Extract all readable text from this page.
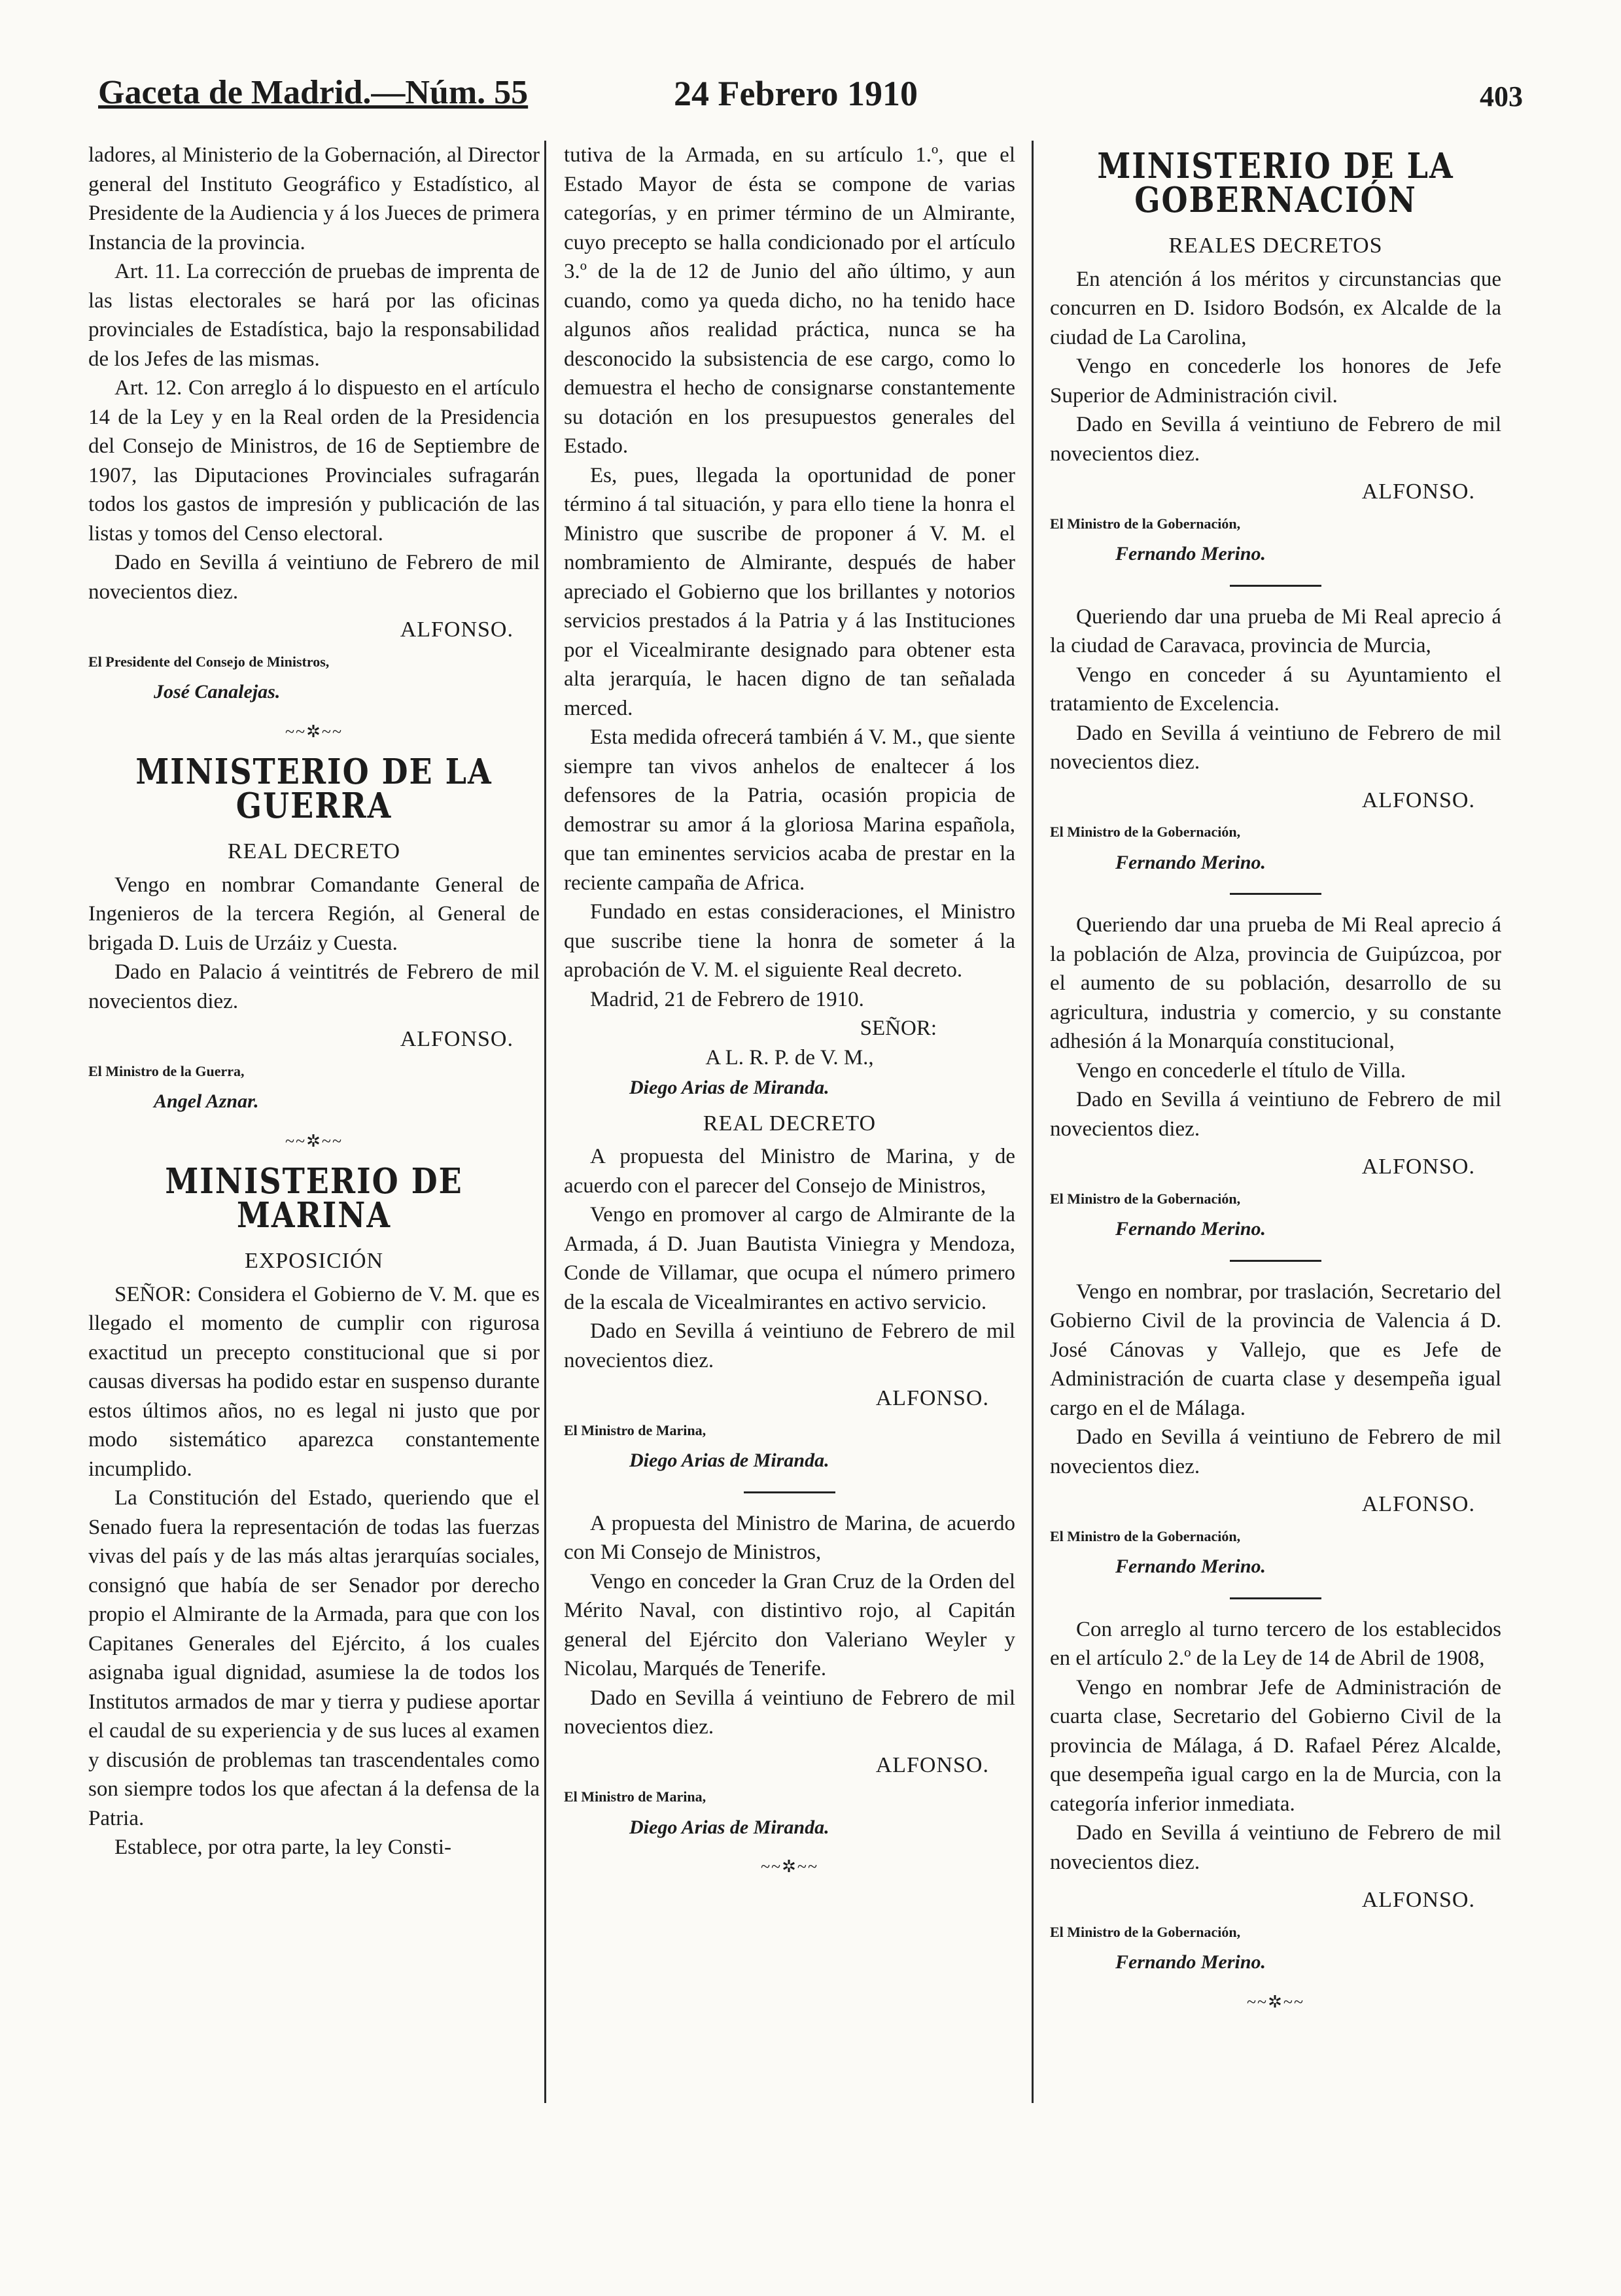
Gaceta de Madrid.—Núm. 55	24 Febrero 1910	403

ladores, al Ministerio de la Gobernación, al Director general del Instituto Geográfico y Estadístico, al Presidente de la Audiencia y á los Jueces de primera Instancia de la provincia.

Art. 11. La corrección de pruebas de imprenta de las listas electorales se hará por las oficinas provinciales de Estadística, bajo la responsabilidad de los Jefes de las mismas.

Art. 12. Con arreglo á lo dispuesto en el artículo 14 de la Ley y en la Real orden de la Presidencia del Consejo de Ministros, de 16 de Septiembre de 1907, las Diputaciones Provinciales sufragarán todos los gastos de impresión y publicación de las listas y tomos del Censo electoral.

Dado en Sevilla á veintiuno de Febrero de mil novecientos diez.

ALFONSO.
El Presidente del Consejo de Ministros,
José Canalejas.
~~✲~~
MINISTERIO DE LA GUERRA
REAL DECRETO

Vengo en nombrar Comandante General de Ingenieros de la tercera Región, al General de brigada D. Luis de Urzáiz y Cuesta.

Dado en Palacio á veintitrés de Febrero de mil novecientos diez.

ALFONSO.
El Ministro de la Guerra,
Angel Aznar.
~~✲~~
MINISTERIO DE MARINA
EXPOSICIÓN

SEÑOR: Considera el Gobierno de V. M. que es llegado el momento de cumplir con rigurosa exactitud un precepto constitucional que si por causas diversas ha podido estar en suspenso durante estos últimos años, no es legal ni justo que por modo sistemático aparezca constantemente incumplido.

La Constitución del Estado, queriendo que el Senado fuera la representación de todas las fuerzas vivas del país y de las más altas jerarquías sociales, consignó que había de ser Senador por derecho propio el Almirante de la Armada, para que con los Capitanes Generales del Ejército, á los cuales asignaba igual dignidad, asumiese la de todos los Institutos armados de mar y tierra y pudiese aportar el caudal de su experiencia y de sus luces al examen y discusión de problemas tan trascendentales como son siempre todos los que afectan á la defensa de la Patria.

Establece, por otra parte, la ley Consti-

tutiva de la Armada, en su artículo 1.º, que el Estado Mayor de ésta se compone de varias categorías, y en primer término de un Almirante, cuyo precepto se halla condicionado por el artículo 3.º de la de 12 de Junio del año último, y aun cuando, como ya queda dicho, no ha tenido hace algunos años realidad práctica, nunca se ha desconocido la subsistencia de ese cargo, como lo demuestra el hecho de consignarse constantemente su dotación en los presupuestos generales del Estado.

Es, pues, llegada la oportunidad de poner término á tal situación, y para ello tiene la honra el Ministro que suscribe de proponer á V. M. el nombramiento de Almirante, después de haber apreciado el Gobierno que los brillantes y notorios servicios prestados á la Patria y á las Instituciones por el Vicealmirante designado para obtener esta alta jerarquía, le hacen digno de tan señalada merced.

Esta medida ofrecerá también á V. M., que siente siempre tan vivos anhelos de enaltecer á los defensores de la Patria, ocasión propicia de demostrar su amor á la gloriosa Marina española, que tan eminentes servicios acaba de prestar en la reciente campaña de Africa.

Fundado en estas consideraciones, el Ministro que suscribe tiene la honra de someter á la aprobación de V. M. el siguiente Real decreto.

Madrid, 21 de Febrero de 1910.

SEÑOR:
A L. R. P. de V. M.,
Diego Arias de Miranda.
REAL DECRETO

A propuesta del Ministro de Marina, y de acuerdo con el parecer del Consejo de Ministros,

Vengo en promover al cargo de Almirante de la Armada, á D. Juan Bautista Viniegra y Mendoza, Conde de Villamar, que ocupa el número primero de la escala de Vicealmirantes en activo servicio.

Dado en Sevilla á veintiuno de Febrero de mil novecientos diez.

ALFONSO.
El Ministro de Marina,
Diego Arias de Miranda.

A propuesta del Ministro de Marina, de acuerdo con Mi Consejo de Ministros,

Vengo en conceder la Gran Cruz de la Orden del Mérito Naval, con distintivo rojo, al Capitán general del Ejército don Valeriano Weyler y Nicolau, Marqués de Tenerife.

Dado en Sevilla á veintiuno de Febrero de mil novecientos diez.

ALFONSO.
El Ministro de Marina,
Diego Arias de Miranda.
~~✲~~
MINISTERIO DE LA GOBERNACIÓN
REALES DECRETOS

En atención á los méritos y circunstancias que concurren en D. Isidoro Bodsón, ex Alcalde de la ciudad de La Carolina,

Vengo en concederle los honores de Jefe Superior de Administración civil.

Dado en Sevilla á veintiuno de Febrero de mil novecientos diez.

ALFONSO.
El Ministro de la Gobernación,
Fernando Merino.

Queriendo dar una prueba de Mi Real aprecio á la ciudad de Caravaca, provincia de Murcia,

Vengo en conceder á su Ayuntamiento el tratamiento de Excelencia.

Dado en Sevilla á veintiuno de Febrero de mil novecientos diez.

ALFONSO.
El Ministro de la Gobernación,
Fernando Merino.

Queriendo dar una prueba de Mi Real aprecio á la población de Alza, provincia de Guipúzcoa, por el aumento de su población, desarrollo de su agricultura, industria y comercio, y su constante adhesión á la Monarquía constitucional,

Vengo en concederle el título de Villa.

Dado en Sevilla á veintiuno de Febrero de mil novecientos diez.

ALFONSO.
El Ministro de la Gobernación,
Fernando Merino.

Vengo en nombrar, por traslación, Secretario del Gobierno Civil de la provincia de Valencia á D. José Cánovas y Vallejo, que es Jefe de Administración de cuarta clase y desempeña igual cargo en el de Málaga.

Dado en Sevilla á veintiuno de Febrero de mil novecientos diez.

ALFONSO.
El Ministro de la Gobernación,
Fernando Merino.

Con arreglo al turno tercero de los establecidos en el artículo 2.º de la Ley de 14 de Abril de 1908,

Vengo en nombrar Jefe de Administración de cuarta clase, Secretario del Gobierno Civil de la provincia de Málaga, á D. Rafael Pérez Alcalde, que desempeña igual cargo en la de Murcia, con la categoría inferior inmediata.

Dado en Sevilla á veintiuno de Febrero de mil novecientos diez.

ALFONSO.
El Ministro de la Gobernación,
Fernando Merino.
~~✲~~
